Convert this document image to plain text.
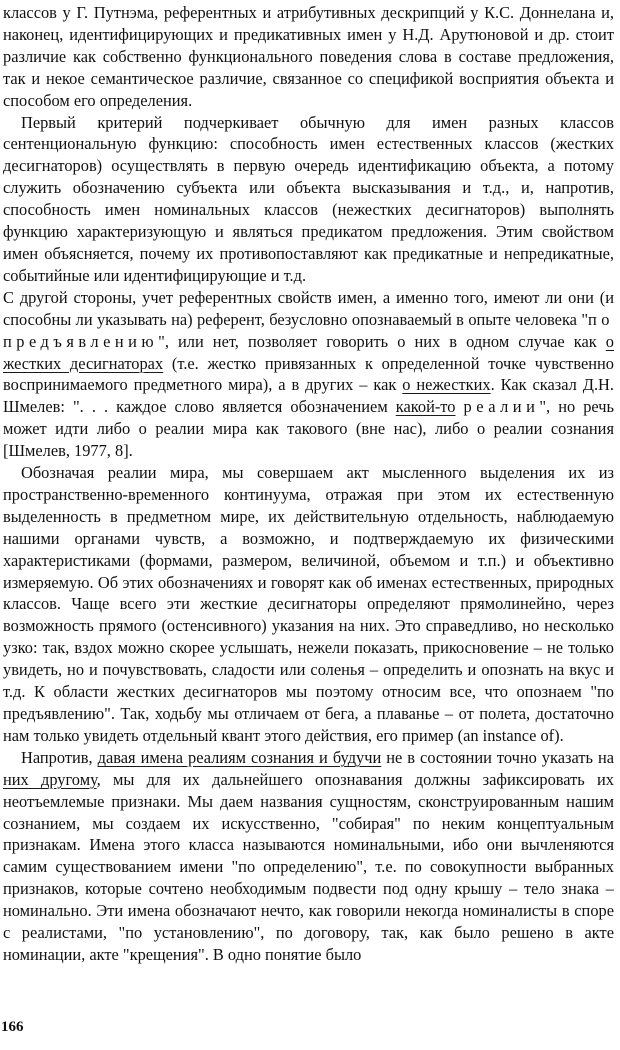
классов у Г. Путнэма, референтных и атрибутивных дескрипций у К.С. Доннелана и, наконец, идентифицирующих и предикативных имен у Н.Д. Арутюновой и др. стоит различие как собственно функционального поведения слова в составе предложения, так и некое семантическое различие, связанное со спецификой восприятия объекта и способом его определения.

Первый критерий подчеркивает обычную для имен разных классов сентенциональную функцию: способность имен естественных классов (жестких десигнаторов) осуществлять в первую очередь идентификацию объекта, а потому служить обозначению субъекта или объекта высказывания и т.д., и, напротив, способность имен номинальных классов (нежестких десигнаторов) выполнять функцию характеризующую и являться предикатом предложения. Этим свойством имен объясняется, почему их противопоставляют как предикатные и непредикатные, событийные или идентифицирующие и т.д.

С другой стороны, учет референтных свойств имен, а именно того, имеют ли они (и способны ли указывать на) референт, безусловно опознаваемый в опыте человека "по предъявлению", или нет, позволяет говорить о них в одном случае как о жестких десигнаторах (т.е. жестко привязанных к определенной точке чувственно воспринимаемого предметного мира), а в других – как о нежестких. Как сказал Д.Н. Шмелев: ". . . каждое слово является обозначением какой-то реалии", но речь может идти либо о реалии мира как такового (вне нас), либо о реалии сознания [Шмелев, 1977, 8].

Обозначая реалии мира, мы совершаем акт мысленного выделения их из пространственно-временного континуума, отражая при этом их естественную выделенность в предметном мире, их действительную отдельность, наблюдаемую нашими органами чувств, а возможно, и подтверждаемую их физическими характеристиками (формами, размером, величиной, объемом и т.п.) и объективно измеряемую. Об этих обозначениях и говорят как об именах естественных, природных классов. Чаще всего эти жесткие десигнаторы определяют прямолинейно, через возможность прямого (остенсивного) указания на них. Это справедливо, но несколько узко: так, вздох можно скорее услышать, нежели показать, прикосновение – не только увидеть, но и почувствовать, сладости или соленья – определить и опознать на вкус и т.д. К области жестких десигнаторов мы поэтому относим все, что опознаем "по предъявлению". Так, ходьбу мы отличаем от бега, а плаванье – от полета, достаточно нам только увидеть отдельный квант этого действия, его пример (an instance of).

Напротив, давая имена реалиям сознания и будучи не в состоянии точно указать на них другому, мы для их дальнейшего опознавания должны зафиксировать их неотъемлемые признаки. Мы даем названия сущностям, сконструированным нашим сознанием, мы создаем их искусственно, "собирая" по неким концептуальным признакам. Имена этого класса называются номинальными, ибо они вычленяются самим существованием имени "по определению", т.е. по совокупности выбранных признаков, которые сочтено необходимым подвести под одну крышу – тело знака – номинально. Эти имена обозначают нечто, как говорили некогда номиналисты в споре с реалистами, "по установлению", по договору, так, как было решено в акте номинации, акте "крещения". В одно понятие было

166
